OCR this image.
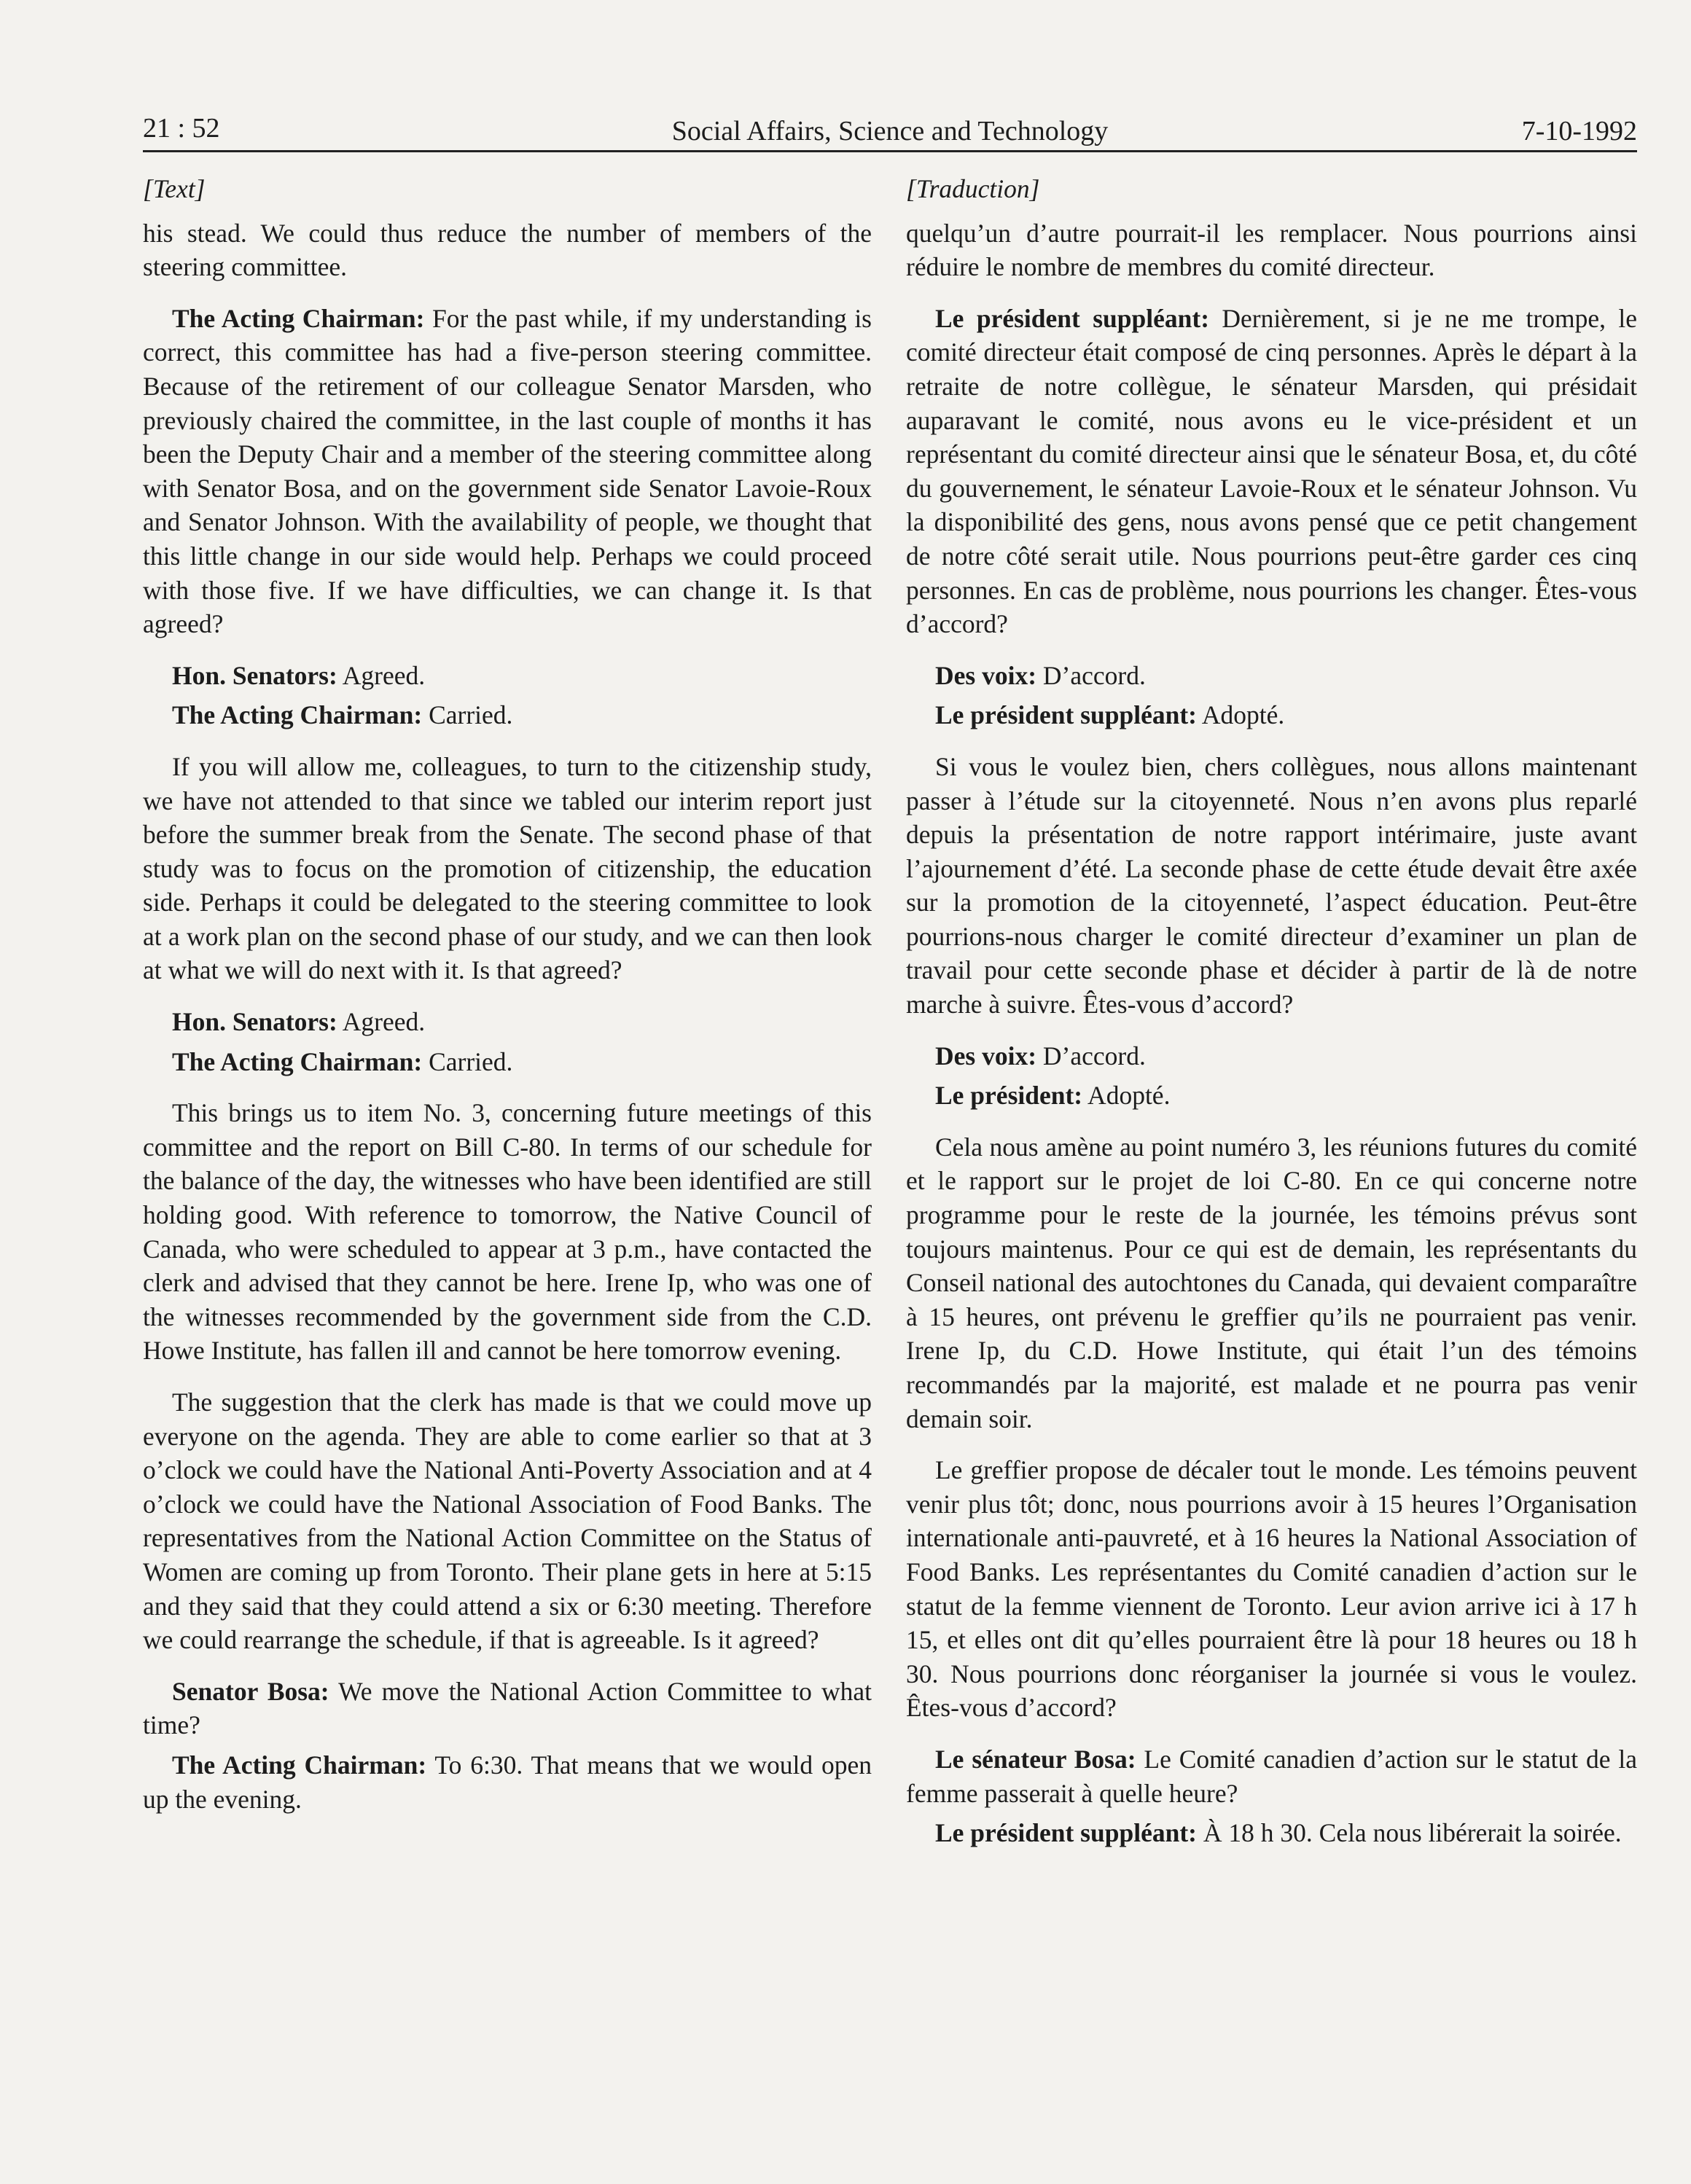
21 : 52	Social Affairs, Science and Technology	7-10-1992

[Text]

his stead. We could thus reduce the number of members of the steering committee.

The Acting Chairman: For the past while, if my understanding is correct, this committee has had a five-person steering committee. Because of the retirement of our colleague Senator Marsden, who previously chaired the committee, in the last couple of months it has been the Deputy Chair and a member of the steering committee along with Senator Bosa, and on the government side Senator Lavoie-Roux and Senator Johnson. With the availability of people, we thought that this little change in our side would help. Perhaps we could proceed with those five. If we have difficulties, we can change it. Is that agreed?

Hon. Senators: Agreed.

The Acting Chairman: Carried.

If you will allow me, colleagues, to turn to the citizenship study, we have not attended to that since we tabled our interim report just before the summer break from the Senate. The second phase of that study was to focus on the promotion of citizenship, the education side. Perhaps it could be delegated to the steering committee to look at a work plan on the second phase of our study, and we can then look at what we will do next with it. Is that agreed?

Hon. Senators: Agreed.

The Acting Chairman: Carried.

This brings us to item No. 3, concerning future meetings of this committee and the report on Bill C-80. In terms of our schedule for the balance of the day, the witnesses who have been identified are still holding good. With reference to tomorrow, the Native Council of Canada, who were scheduled to appear at 3 p.m., have contacted the clerk and advised that they cannot be here. Irene Ip, who was one of the witnesses recommended by the government side from the C.D. Howe Institute, has fallen ill and cannot be here tomorrow evening.

The suggestion that the clerk has made is that we could move up everyone on the agenda. They are able to come earlier so that at 3 o’clock we could have the National Anti-Poverty Association and at 4 o’clock we could have the National Association of Food Banks. The representatives from the National Action Committee on the Status of Women are coming up from Toronto. Their plane gets in here at 5:15 and they said that they could attend a six or 6:30 meeting. Therefore we could rearrange the schedule, if that is agreeable. Is it agreed?

Senator Bosa: We move the National Action Committee to what time?

The Acting Chairman: To 6:30. That means that we would open up the evening.

[Traduction]

quelqu’un d’autre pourrait-il les remplacer. Nous pourrions ainsi réduire le nombre de membres du comité directeur.

Le président suppléant: Dernièrement, si je ne me trompe, le comité directeur était composé de cinq personnes. Après le départ à la retraite de notre collègue, le sénateur Marsden, qui présidait auparavant le comité, nous avons eu le vice-président et un représentant du comité directeur ainsi que le sénateur Bosa, et, du côté du gouvernement, le sénateur Lavoie-Roux et le sénateur Johnson. Vu la disponibilité des gens, nous avons pensé que ce petit changement de notre côté serait utile. Nous pourrions peut-être garder ces cinq personnes. En cas de problème, nous pourrions les changer. Êtes-vous d’accord?

Des voix: D’accord.

Le président suppléant: Adopté.

Si vous le voulez bien, chers collègues, nous allons maintenant passer à l’étude sur la citoyenneté. Nous n’en avons plus reparlé depuis la présentation de notre rapport intérimaire, juste avant l’ajournement d’été. La seconde phase de cette étude devait être axée sur la promotion de la citoyenneté, l’aspect éducation. Peut-être pourrions-nous charger le comité directeur d’examiner un plan de travail pour cette seconde phase et décider à partir de là de notre marche à suivre. Êtes-vous d’accord?

Des voix: D’accord.

Le président: Adopté.

Cela nous amène au point numéro 3, les réunions futures du comité et le rapport sur le projet de loi C-80. En ce qui concerne notre programme pour le reste de la journée, les témoins prévus sont toujours maintenus. Pour ce qui est de demain, les représentants du Conseil national des autochtones du Canada, qui devaient comparaître à 15 heures, ont prévenu le greffier qu’ils ne pourraient pas venir. Irene Ip, du C.D. Howe Institute, qui était l’un des témoins recommandés par la majorité, est malade et ne pourra pas venir demain soir.

Le greffier propose de décaler tout le monde. Les témoins peuvent venir plus tôt; donc, nous pourrions avoir à 15 heures l’Organisation internationale anti-pauvreté, et à 16 heures la National Association of Food Banks. Les représentantes du Comité canadien d’action sur le statut de la femme viennent de Toronto. Leur avion arrive ici à 17 h 15, et elles ont dit qu’elles pourraient être là pour 18 heures ou 18 h 30. Nous pourrions donc réorganiser la journée si vous le voulez. Êtes-vous d’accord?

Le sénateur Bosa: Le Comité canadien d’action sur le statut de la femme passerait à quelle heure?

Le président suppléant: À 18 h 30. Cela nous libérerait la soirée.
